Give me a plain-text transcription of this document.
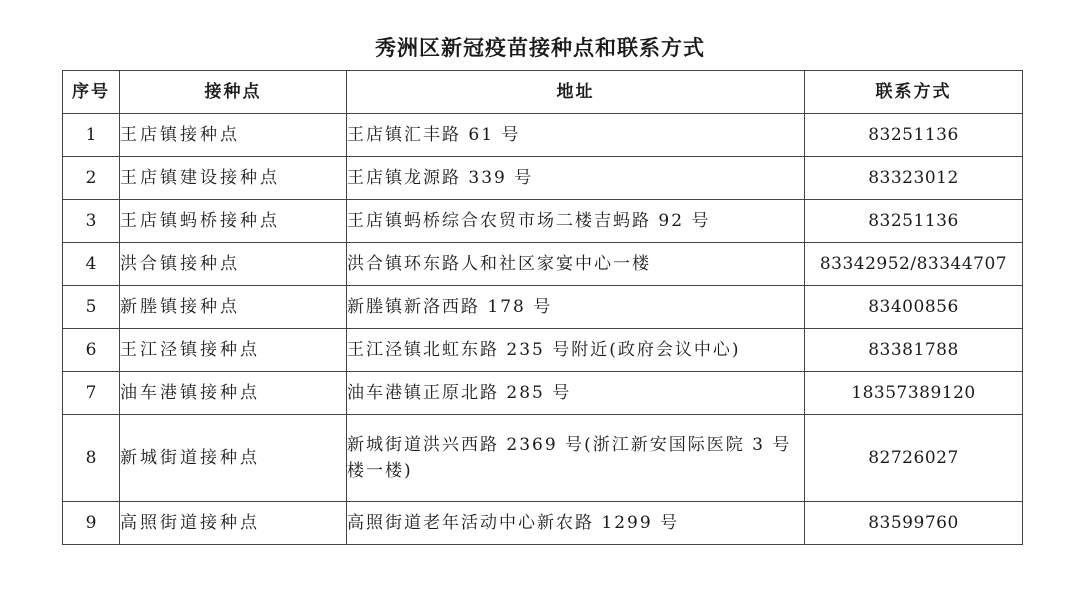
秀洲区新冠疫苗接种点和联系方式
序号	接种点	地址	联系方式
1	王店镇接种点	王店镇汇丰路 61 号	83251136
2	王店镇建设接种点	王店镇龙源路 339 号	83323012
3	王店镇蚂桥接种点	王店镇蚂桥综合农贸市场二楼吉蚂路 92 号	83251136
4	洪合镇接种点	洪合镇环东路人和社区家宴中心一楼	83342952/83344707
5	新塍镇接种点	新塍镇新洛西路 178 号	83400856
6	王江泾镇接种点	王江泾镇北虹东路 235 号附近(政府会议中心)	83381788
7	油车港镇接种点	油车港镇正原北路 285 号	18357389120
8	新城街道接种点	新城街道洪兴西路 2369 号(浙江新安国际医院 3 号楼一楼)	82726027
9	高照街道接种点	高照街道老年活动中心新农路 1299 号	83599760
